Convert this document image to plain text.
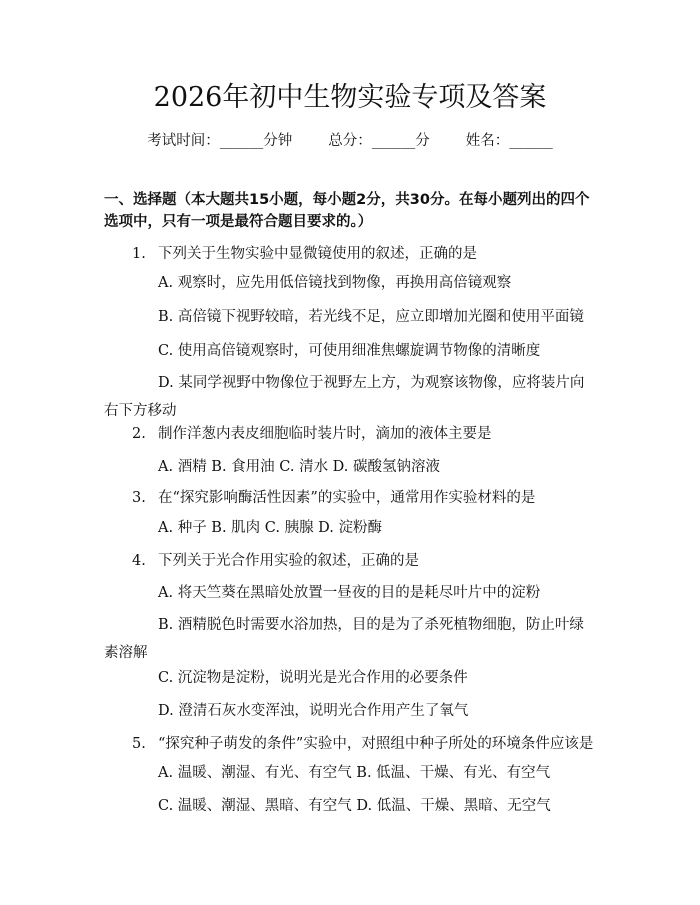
2026年初中生物实验专项及答案
考试时间：______分钟 总分：______分 姓名：______
一、选择题（本大题共15小题，每小题2分，共30分。在每小题列出的四个选项中，只有一项是最符合题目要求的。）
1. 下列关于生物实验中显微镜使用的叙述，正确的是
A. 观察时，应先用低倍镜找到物像，再换用高倍镜观察
B. 高倍镜下视野较暗，若光线不足，应立即增加光圈和使用平面镜
C. 使用高倍镜观察时，可使用细准焦螺旋调节物像的清晰度
D. 某同学视野中物像位于视野左上方，为观察该物像，应将装片向右下方移动
2. 制作洋葱内表皮细胞临时装片时，滴加的液体主要是
A. 酒精 B. 食用油 C. 清水 D. 碳酸氢钠溶液
3. 在“探究影响酶活性因素”的实验中，通常用作实验材料的是
A. 种子 B. 肌肉 C. 胰腺 D. 淀粉酶
4. 下列关于光合作用实验的叙述，正确的是
A. 将天竺葵在黑暗处放置一昼夜的目的是耗尽叶片中的淀粉
B. 酒精脱色时需要水浴加热，目的是为了杀死植物细胞，防止叶绿素溶解
C. 沉淀物是淀粉，说明光是光合作用的必要条件
D. 澄清石灰水变浑浊，说明光合作用产生了氧气
5. “探究种子萌发的条件”实验中，对照组中种子所处的环境条件应该是
A. 温暖、潮湿、有光、有空气 B. 低温、干燥、有光、有空气
C. 温暖、潮湿、黑暗、有空气 D. 低温、干燥、黑暗、无空气
